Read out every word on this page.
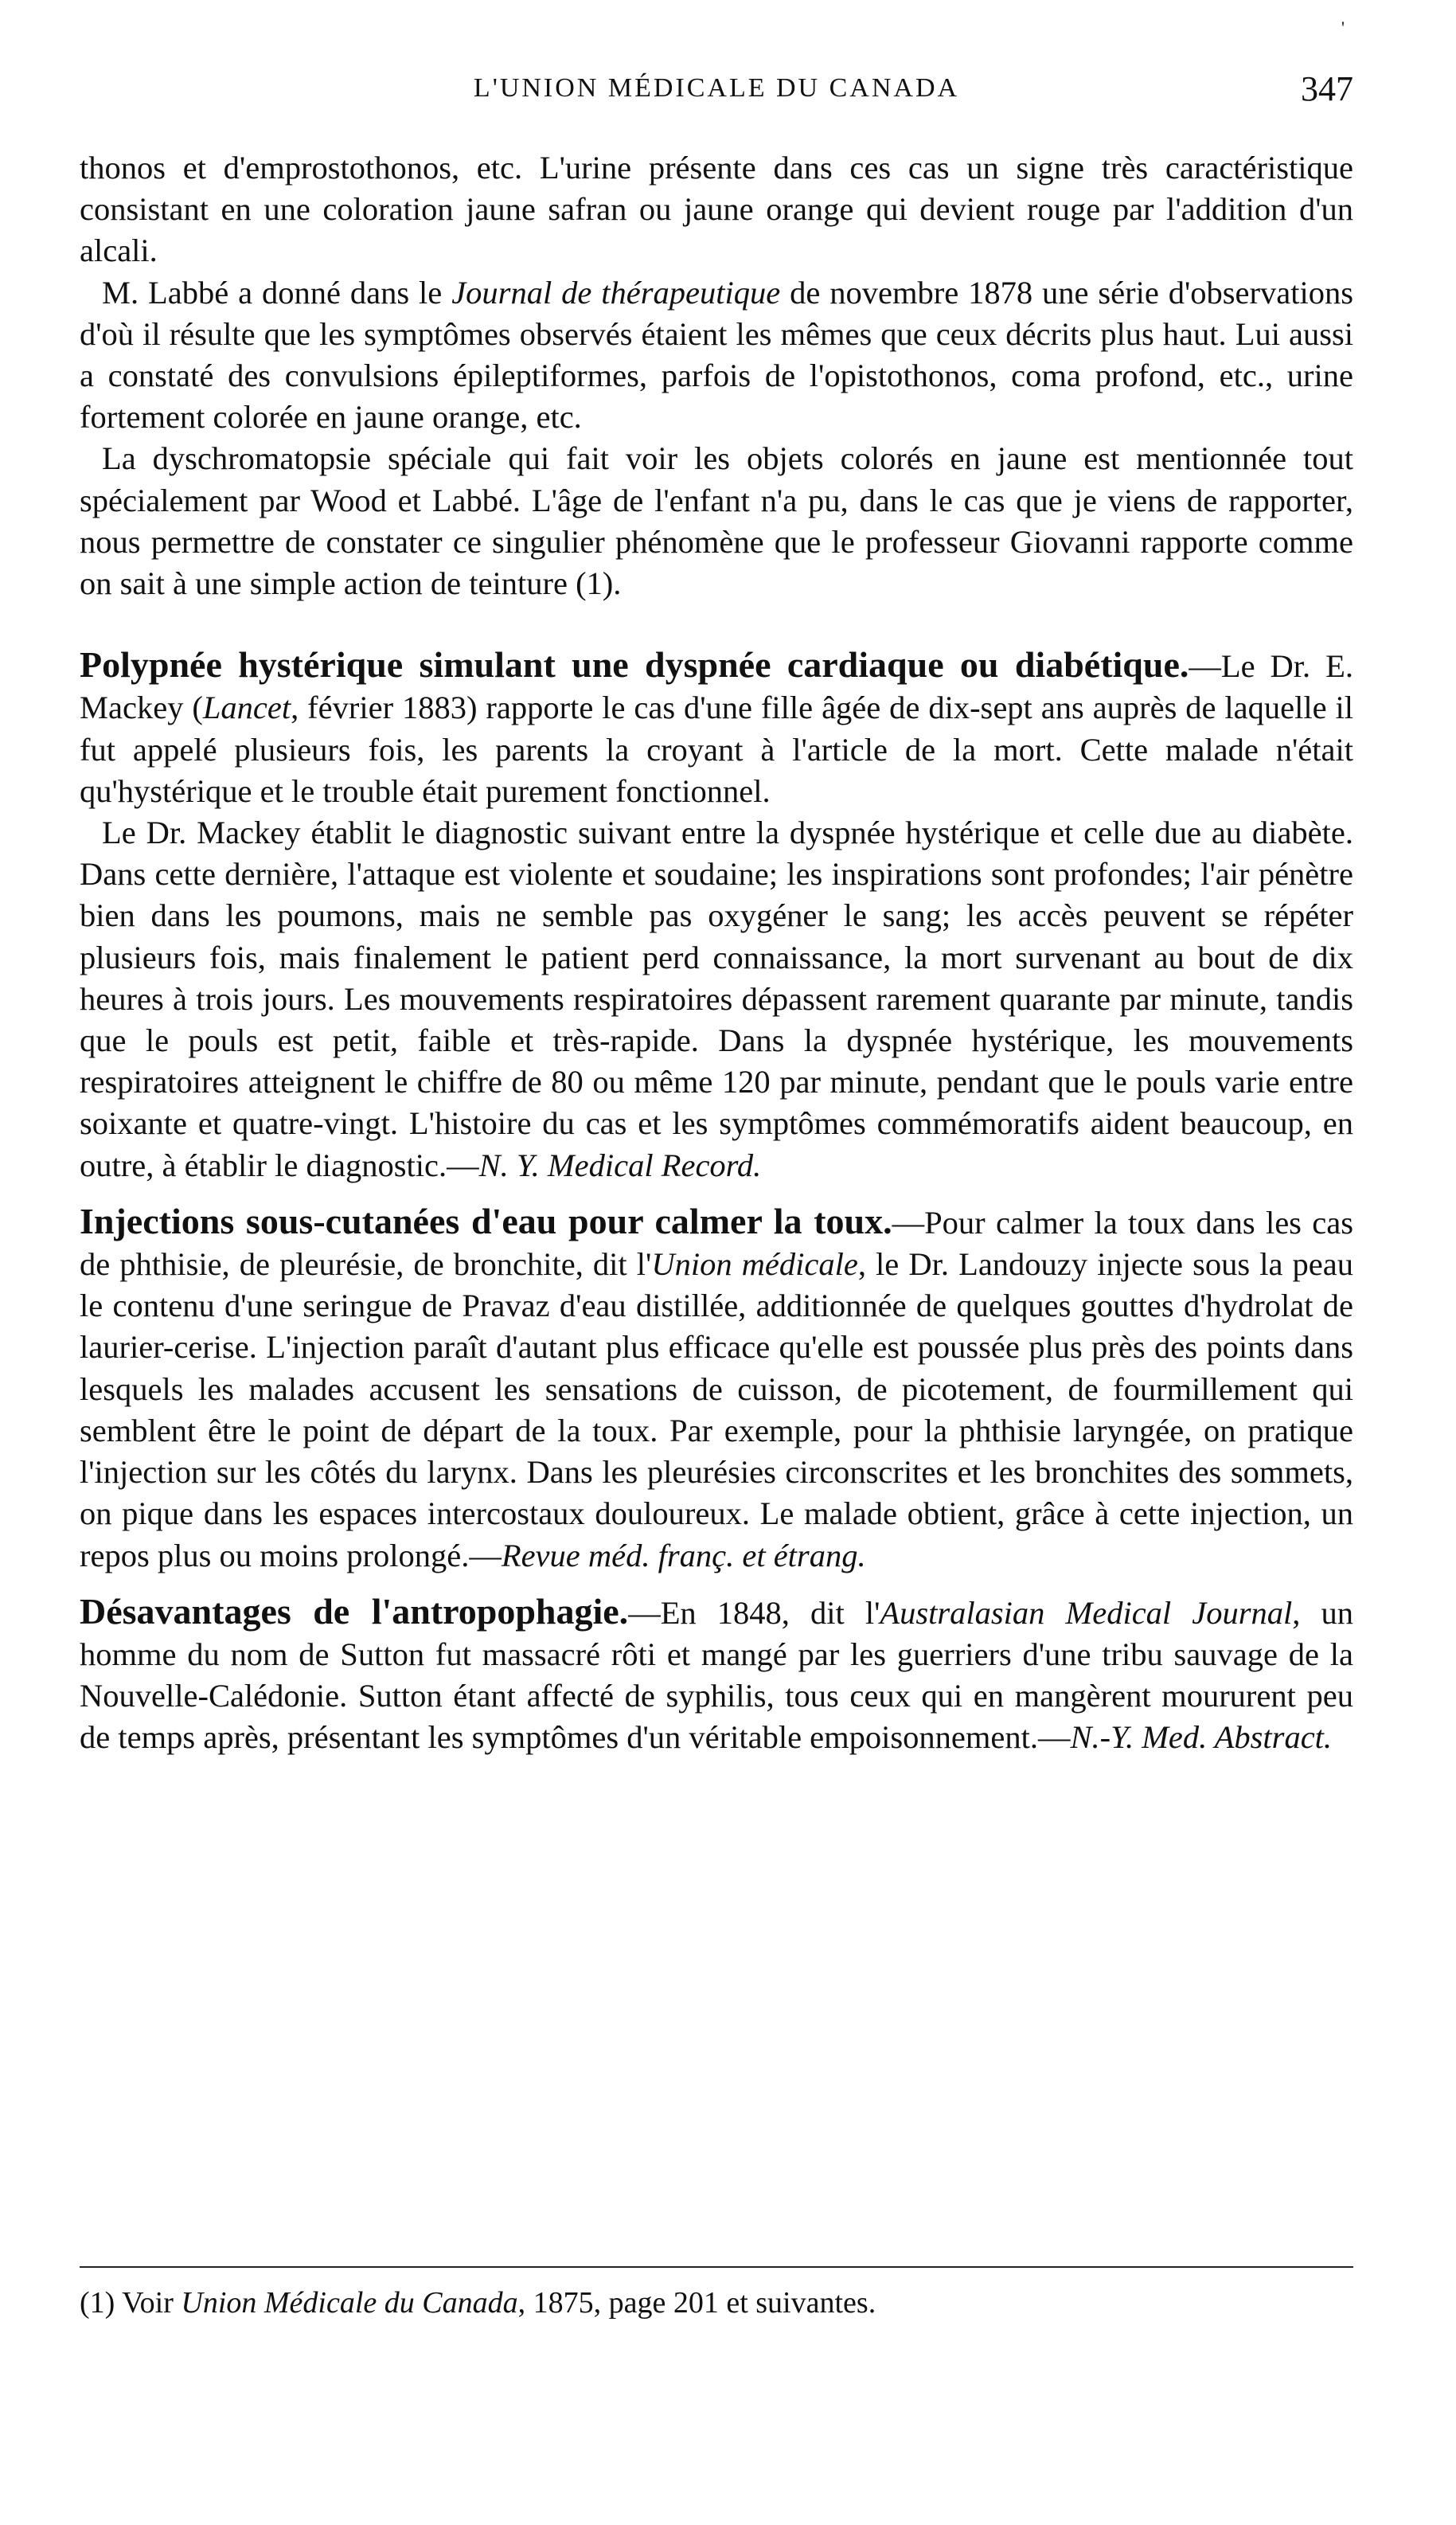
'
L'UNION MÉDICALE DU CANADA	347

thonos et d'emprostothonos, etc. L'urine présente dans ces cas un signe très caractéristique consistant en une coloration jaune safran ou jaune orange qui devient rouge par l'addition d'un alcali.

M. Labbé a donné dans le Journal de thérapeutique de novembre 1878 une série d'observations d'où il résulte que les symptômes observés étaient les mêmes que ceux décrits plus haut. Lui aussi a constaté des convulsions épileptiformes, parfois de l'opistothonos, coma profond, etc., urine fortement colorée en jaune orange, etc.

La dyschromatopsie spéciale qui fait voir les objets colorés en jaune est mentionnée tout spécialement par Wood et Labbé. L'âge de l'enfant n'a pu, dans le cas que je viens de rapporter, nous permettre de constater ce singulier phénomène que le professeur Giovanni rapporte comme on sait à une simple action de teinture (1).

Polypnée hystérique simulant une dyspnée cardiaque ou diabétique.—Le Dr. E. Mackey (Lancet, février 1883) rapporte le cas d'une fille âgée de dix-sept ans auprès de laquelle il fut appelé plusieurs fois, les parents la croyant à l'article de la mort. Cette malade n'était qu'hystérique et le trouble était purement fonctionnel.

Le Dr. Mackey établit le diagnostic suivant entre la dyspnée hystérique et celle due au diabète. Dans cette dernière, l'attaque est violente et soudaine; les inspirations sont profondes; l'air pénètre bien dans les poumons, mais ne semble pas oxygéner le sang; les accès peuvent se répéter plusieurs fois, mais finalement le patient perd connaissance, la mort survenant au bout de dix heures à trois jours. Les mouvements respiratoires dépassent rarement quarante par minute, tandis que le pouls est petit, faible et très-rapide. Dans la dyspnée hystérique, les mouvements respiratoires atteignent le chiffre de 80 ou même 120 par minute, pendant que le pouls varie entre soixante et quatre-vingt. L'histoire du cas et les symptômes commémoratifs aident beaucoup, en outre, à établir le diagnostic.—N. Y. Medical Record.

Injections sous-cutanées d'eau pour calmer la toux.—Pour calmer la toux dans les cas de phthisie, de pleurésie, de bronchite, dit l'Union médicale, le Dr. Landouzy injecte sous la peau le contenu d'une seringue de Pravaz d'eau distillée, additionnée de quelques gouttes d'hydrolat de laurier-cerise. L'injection paraît d'autant plus efficace qu'elle est poussée plus près des points dans lesquels les malades accusent les sensations de cuisson, de picotement, de fourmillement qui semblent être le point de départ de la toux. Par exemple, pour la phthisie laryngée, on pratique l'injection sur les côtés du larynx. Dans les pleurésies circonscrites et les bronchites des sommets, on pique dans les espaces intercostaux douloureux. Le malade obtient, grâce à cette injection, un repos plus ou moins prolongé.—Revue méd. franç. et étrang.

Désavantages de l'antropophagie.—En 1848, dit l'Australasian Medical Journal, un homme du nom de Sutton fut massacré rôti et mangé par les guerriers d'une tribu sauvage de la Nouvelle-Calédonie. Sutton étant affecté de syphilis, tous ceux qui en mangèrent moururent peu de temps après, présentant les symptômes d'un véritable empoisonnement.—N.-Y. Med. Abstract.

(1) Voir Union Médicale du Canada, 1875, page 201 et suivantes.
